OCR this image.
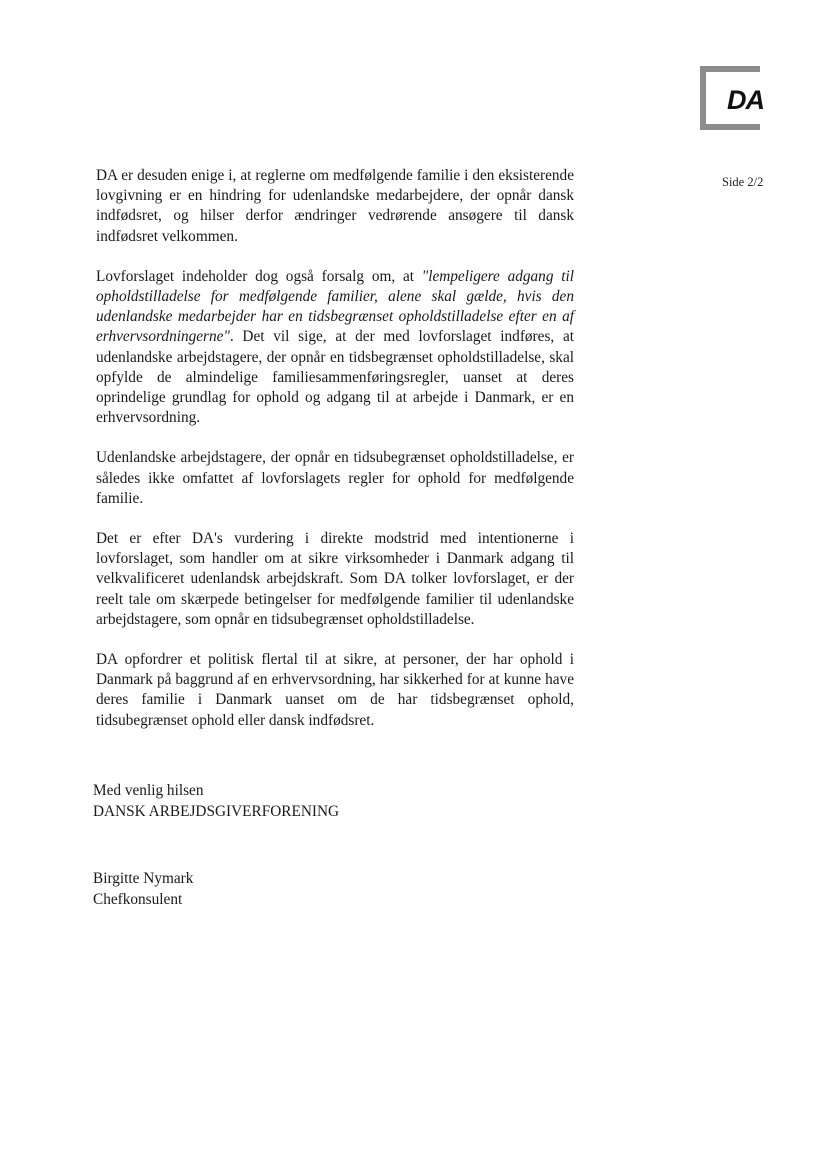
DA
Side 2/2

DA er desuden enige i, at reglerne om medfølgende familie i den eksisterende lovgivning er en hindring for udenlandske medarbejdere, der opnår dansk indfødsret, og hilser derfor ændringer vedrørende ansøgere til dansk indfødsret velkommen.

Lovforslaget indeholder dog også forsalg om, at "lempeligere adgang til opholdstilladelse for medfølgende familier, alene skal gælde, hvis den udenlandske medarbejder har en tidsbegrænset opholdstilladelse efter en af erhvervsordningerne". Det vil sige, at der med lovforslaget indføres, at udenlandske arbejdstagere, der opnår en tidsbegrænset opholdstilladelse, skal opfylde de almindelige familiesammenføringsregler, uanset at deres oprindelige grundlag for ophold og adgang til at arbejde i Danmark, er en erhvervsordning.

Udenlandske arbejdstagere, der opnår en tidsubegrænset opholdstilladelse, er således ikke omfattet af lovforslagets regler for ophold for medfølgende familie.

Det er efter DA's vurdering i direkte modstrid med intentionerne i lovforslaget, som handler om at sikre virksomheder i Danmark adgang til velkvalificeret udenlandsk arbejdskraft. Som DA tolker lovforslaget, er der reelt tale om skærpede betingelser for medfølgende familier til udenlandske arbejdstagere, som opnår en tidsubegrænset opholdstilladelse.

DA opfordrer et politisk flertal til at sikre, at personer, der har ophold i Danmark på baggrund af en erhvervsordning, har sikkerhed for at kunne have deres familie i Danmark uanset om de har tidsbegrænset ophold, tidsubegrænset ophold eller dansk indfødsret.

Med venlig hilsen
DANSK ARBEJDSGIVERFORENING
Birgitte Nymark
Chefkonsulent
